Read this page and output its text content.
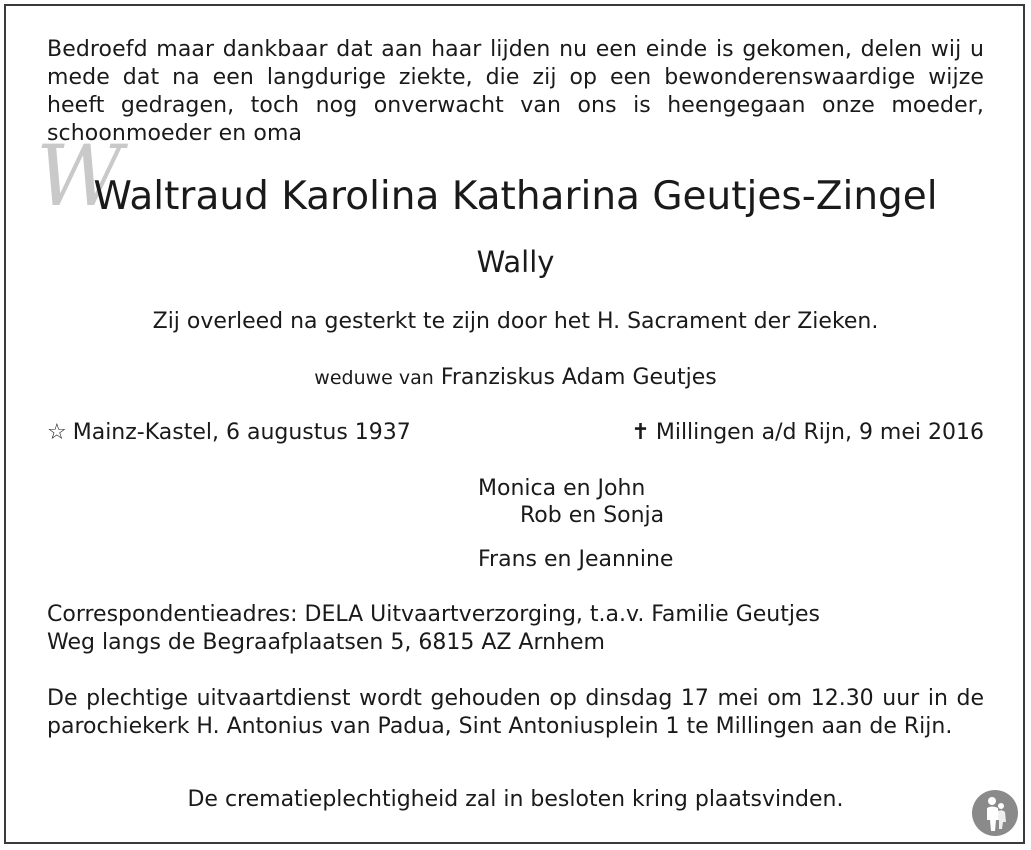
Bedroefd maar dankbaar dat aan haar lijden nu een einde is gekomen, delen wij u mede dat na een langdurige ziekte, die zij op een bewonderenswaardige wijze heeft gedragen, toch nog onverwacht van ons is heengegaan onze moeder, schoonmoeder en oma
W
Waltraud Karolina Katharina Geutjes-Zingel
Wally
Zij overleed na gesterkt te zijn door het H. Sacrament der Zieken.
weduwe van Franziskus Adam Geutjes
☆ Mainz-Kastel, 6 augustus 1937	✝ Millingen a/d Rijn, 9 mei 2016
Monica en John
Rob en Sonja
Frans en Jeannine
Correspondentieadres: DELA Uitvaartverzorging, t.a.v. Familie Geutjes
Weg langs de Begraafplaatsen 5, 6815 AZ Arnhem
De plechtige uitvaartdienst wordt gehouden op dinsdag 17 mei om 12.30 uur in de parochiekerk H. Antonius van Padua, Sint Antoniusplein 1 te Millingen aan de Rijn.
De crematieplechtigheid zal in besloten kring plaatsvinden.
